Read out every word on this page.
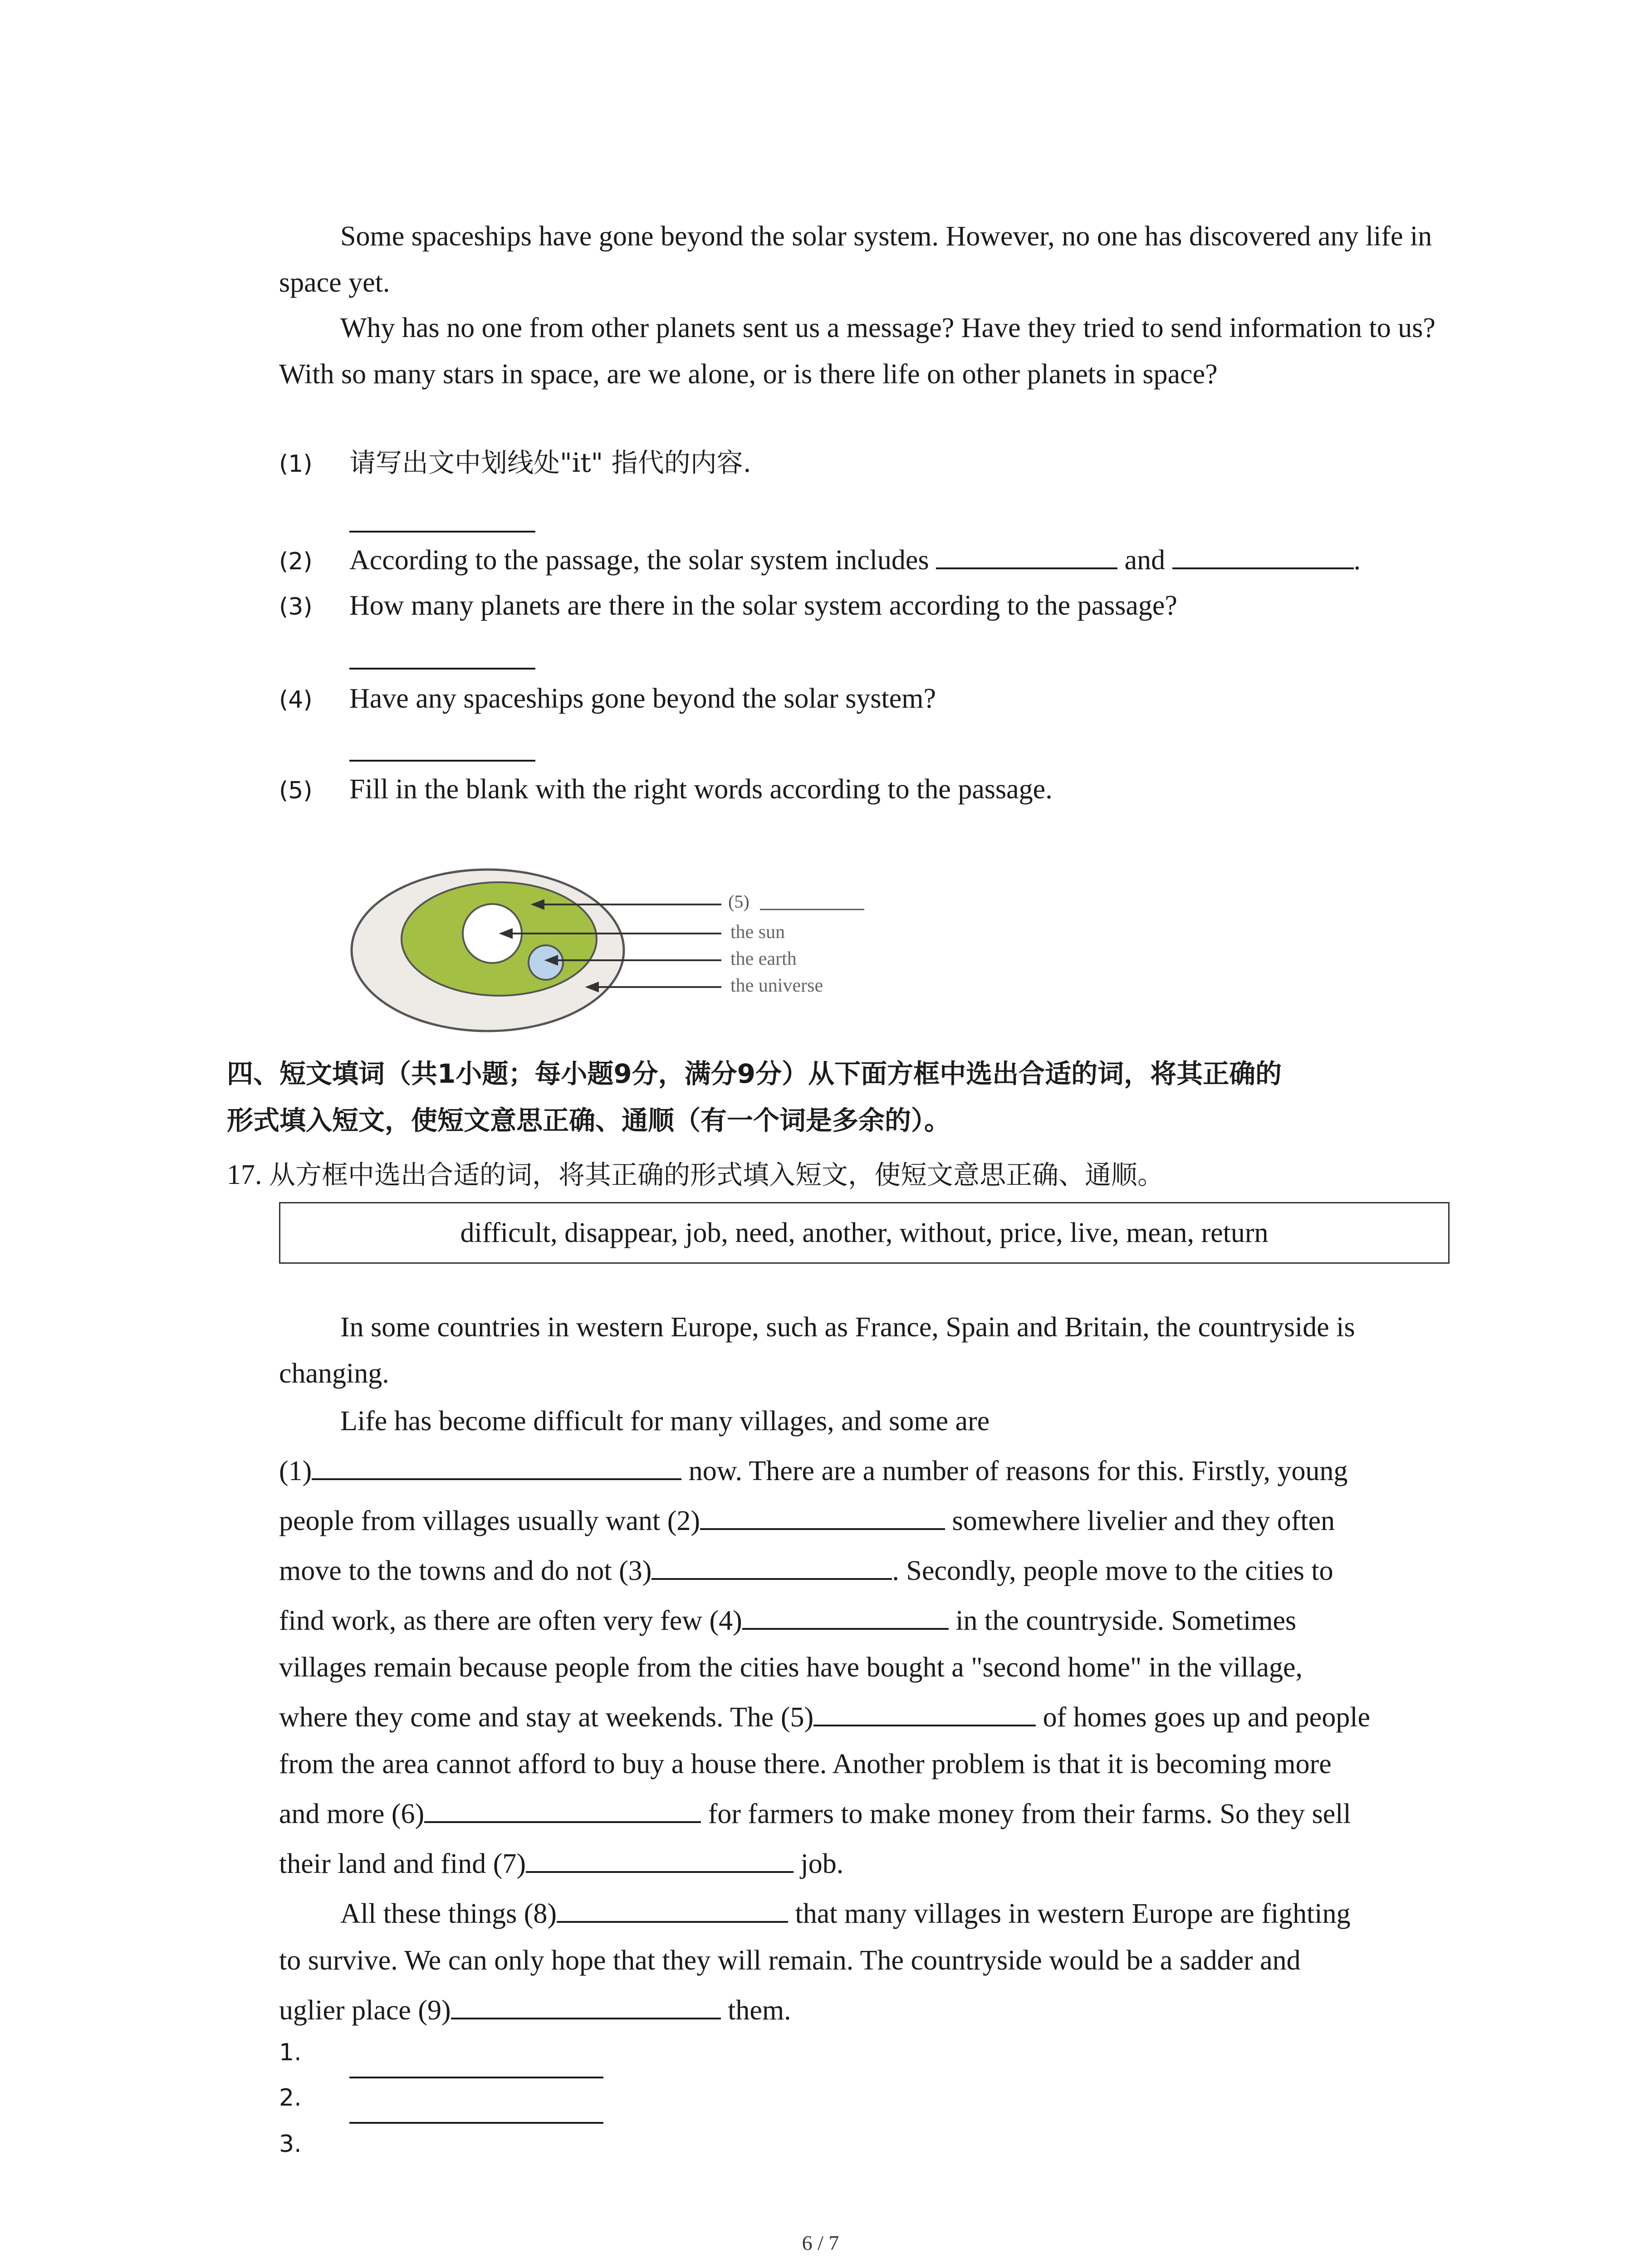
Some spaceships have gone beyond the solar system. However, no one has discovered any life in space yet.

Why has no one from other planets sent us a message? Have they tried to send information to us? With so many stars in space, are we alone, or is there life on other planets in space?

(1) 请写出文中划线处"it" 指代的内容.
(2) According to the passage, the solar system includes	and	.
(3) How many planets are there in the solar system according to the passage?
(4) Have any spaceships gone beyond the solar system?
(5) Fill in the blank with the right words according to the passage.
(5)
the sun
the earth
the universe

四、短文填词（共1小题；每小题9分，满分9分）从下面方框中选出合适的词，将其正确的

形式填入短文，使短文意思正确、通顺（有一个词是多余的）。

17. 从方框中选出合适的词，将其正确的形式填入短文，使短文意思正确、通顺。
difficult, disappear, job, need, another, without, price, live, mean, return

In some countries in western Europe, such as France, Spain and Britain, the countryside is changing.

Life has become difficult for many villages, and some are

(1)	now. There are a number of reasons for this. Firstly, young
people from villages usually want (2)	somewhere livelier and they often
move to the towns and do not (3)	. Secondly, people move to the cities to
find work, as there are often very few (4)	in the countryside. Sometimes
villages remain because people from the cities have bought a "second home" in the village,
where they come and stay at weekends. The (5)	of homes goes up and people
from the area cannot afford to buy a house there. Another problem is that it is becoming more
and more (6)	for farmers to make money from their farms. So they sell
their land and find (7)	job.
All these things (8)	that many villages in western Europe are fighting
to survive. We can only hope that they will remain. The countryside would be a sadder and
uglier place (9)	them.
1.
2.
3.
6 / 7
